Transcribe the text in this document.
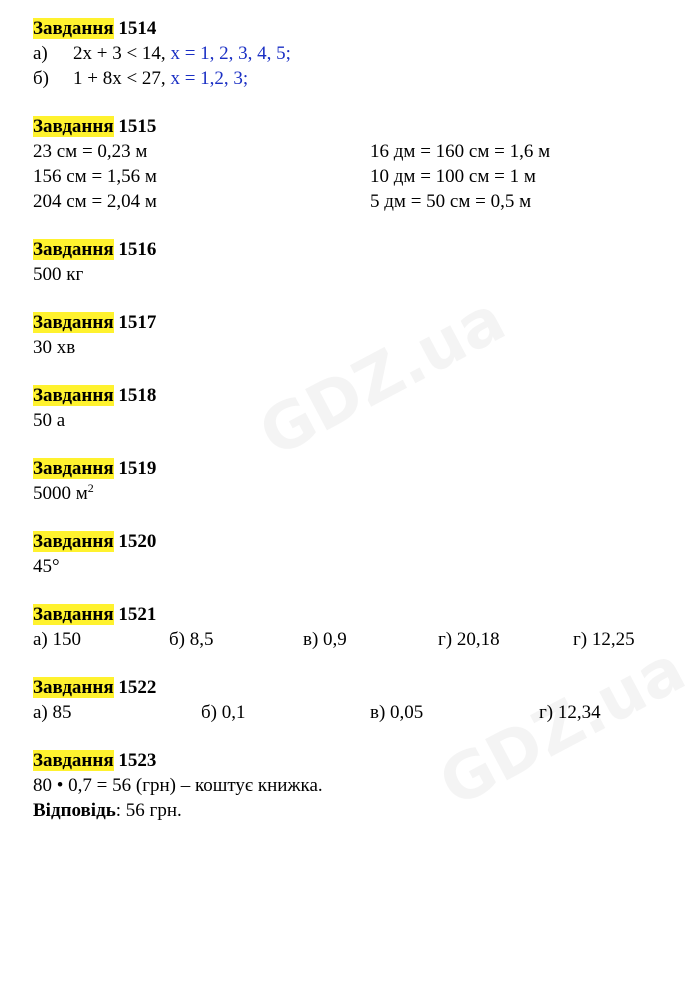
Завдання 1514
а) 2x + 3 < 14, x = 1, 2, 3, 4, 5;
б) 1 + 8x < 27, x = 1,2, 3;
Завдання 1515
23 см = 0,23 м	16 дм = 160 см = 1,6 м
156 см = 1,56 м	10 дм = 100 см = 1 м
204 см = 2,04 м	5 дм = 50 см = 0,5 м
Завдання 1516
500 кг
Завдання 1517
30 хв
Завдання 1518
50 а
Завдання 1519
5000 $м^2$
Завдання 1520
45°
Завдання 1521
а) 150	б) 8,5	в) 0,9	г) 20,18	г) 12,25
Завдання 1522
а) 85	б) 0,1	в) 0,05	г) 12,34
Завдання 1523
80 • 0,7 = 56 (грн) – коштує книжка.
Відповідь: 56 грн.
